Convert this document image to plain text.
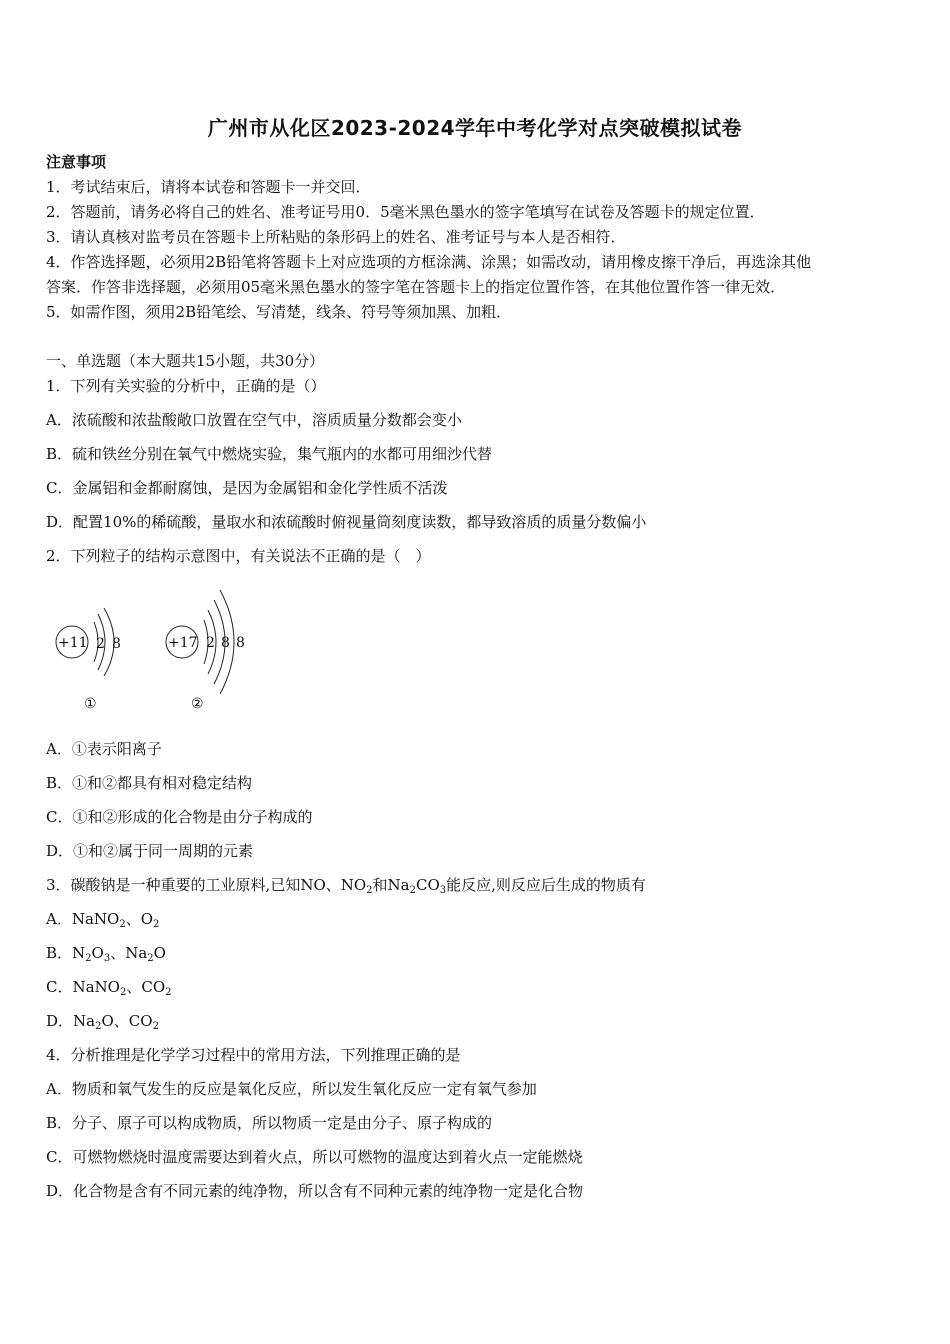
广州市从化区2023-2024学年中考化学对点突破模拟试卷
注意事项
1．考试结束后，请将本试卷和答题卡一并交回．
2．答题前，请务必将自己的姓名、准考证号用0．5毫米黑色墨水的签字笔填写在试卷及答题卡的规定位置．
3．请认真核对监考员在答题卡上所粘贴的条形码上的姓名、准考证号与本人是否相符．
4．作答选择题，必须用2B铅笔将答题卡上对应选项的方框涂满、涂黑；如需改动，请用橡皮擦干净后，再选涂其他
答案．作答非选择题，必须用05毫米黑色墨水的签字笔在答题卡上的指定位置作答，在其他位置作答一律无效．
5．如需作图，须用2B铅笔绘、写清楚，线条、符号等须加黑、加粗．
一、单选题（本大题共15小题，共30分）
1．下列有关实验的分析中，正确的是（）
A．浓硫酸和浓盐酸敞口放置在空气中，溶质质量分数都会变小
B．硫和铁丝分别在氧气中燃烧实验，集气瓶内的水都可用细沙代替
C．金属铝和金都耐腐蚀，是因为金属铝和金化学性质不活泼
D．配置10%的稀硫酸，量取水和浓硫酸时俯视量筒刻度读数，都导致溶质的质量分数偏小
2．下列粒子的结构示意图中，有关说法不正确的是（　）
+11 2 8
①
+17 2 8 8
②
A．①表示阳离子
B．①和②都具有相对稳定结构
C．①和②形成的化合物是由分子构成的
D．①和②属于同一周期的元素
3．碳酸钠是一种重要的工业原料,已知NO、$NO_2$和$Na_2CO_3$能反应,则反应后生成的物质有
A．NaNO$_2$、$O_2$
B．$N_2O_3$、$Na_2O$
C．NaNO$_2$、$CO_2$
D．$Na_2O$、$CO_2$
4．分析推理是化学学习过程中的常用方法，下列推理正确的是
A．物质和氧气发生的反应是氧化反应，所以发生氧化反应一定有氧气参加
B．分子、原子可以构成物质，所以物质一定是由分子、原子构成的
C．可燃物燃烧时温度需要达到着火点，所以可燃物的温度达到着火点一定能燃烧
D．化合物是含有不同元素的纯净物，所以含有不同种元素的纯净物一定是化合物
